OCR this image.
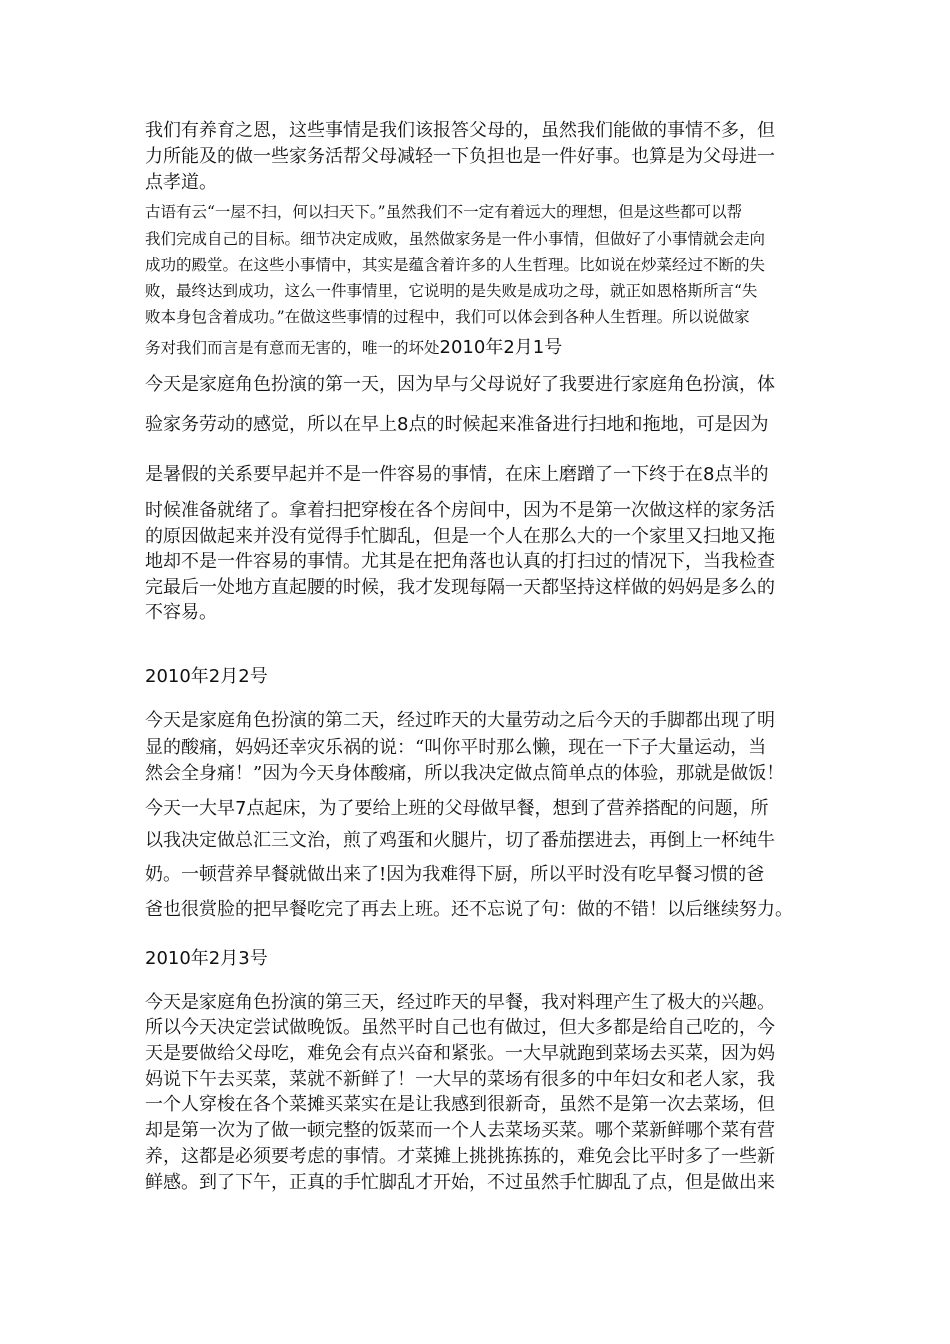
我们有养育之恩，这些事情是我们该报答父母的，虽然我们能做的事情不多，但

力所能及的做一些家务活帮父母减轻一下负担也是一件好事。也算是为父母进一

点孝道。

古语有云“一屋不扫，何以扫天下。”虽然我们不一定有着远大的理想，但是这些都可以帮

我们完成自己的目标。细节决定成败，虽然做家务是一件小事情，但做好了小事情就会走向

成功的殿堂。在这些小事情中，其实是蕴含着许多的人生哲理。比如说在炒菜经过不断的失

败，最终达到成功，这么一件事情里，它说明的是失败是成功之母，就正如恩格斯所言“失

败本身包含着成功。”在做这些事情的过程中，我们可以体会到各种人生哲理。所以说做家

务对我们而言是有意而无害的，唯一的坏处2010年2月1号

今天是家庭角色扮演的第一天，因为早与父母说好了我要进行家庭角色扮演，体

验家务劳动的感觉，所以在早上8点的时候起来准备进行扫地和拖地，可是因为

是暑假的关系要早起并不是一件容易的事情，在床上磨蹭了一下终于在8点半的

时候准备就绪了。拿着扫把穿梭在各个房间中，因为不是第一次做这样的家务活

的原因做起来并没有觉得手忙脚乱，但是一个人在那么大的一个家里又扫地又拖

地却不是一件容易的事情。尤其是在把角落也认真的打扫过的情况下，当我检查

完最后一处地方直起腰的时候，我才发现每隔一天都坚持这样做的妈妈是多么的

不容易。

2010年2月2号

今天是家庭角色扮演的第二天，经过昨天的大量劳动之后今天的手脚都出现了明

显的酸痛，妈妈还幸灾乐祸的说：“叫你平时那么懒，现在一下子大量运动，当

然会全身痛！”因为今天身体酸痛，所以我决定做点简单点的体验，那就是做饭！

今天一大早7点起床，为了要给上班的父母做早餐，想到了营养搭配的问题，所

以我决定做总汇三文治，煎了鸡蛋和火腿片，切了番茄摆进去，再倒上一杯纯牛

奶。一顿营养早餐就做出来了!因为我难得下厨，所以平时没有吃早餐习惯的爸

爸也很赏脸的把早餐吃完了再去上班。还不忘说了句：做的不错！以后继续努力。

2010年2月3号

今天是家庭角色扮演的第三天，经过昨天的早餐，我对料理产生了极大的兴趣。

所以今天决定尝试做晚饭。虽然平时自己也有做过，但大多都是给自己吃的，今

天是要做给父母吃，难免会有点兴奋和紧张。一大早就跑到菜场去买菜，因为妈

妈说下午去买菜，菜就不新鲜了！一大早的菜场有很多的中年妇女和老人家，我

一个人穿梭在各个菜摊买菜实在是让我感到很新奇，虽然不是第一次去菜场，但

却是第一次为了做一顿完整的饭菜而一个人去菜场买菜。哪个菜新鲜哪个菜有营

养，这都是必须要考虑的事情。才菜摊上挑挑拣拣的，难免会比平时多了一些新

鲜感。到了下午，正真的手忙脚乱才开始，不过虽然手忙脚乱了点，但是做出来
